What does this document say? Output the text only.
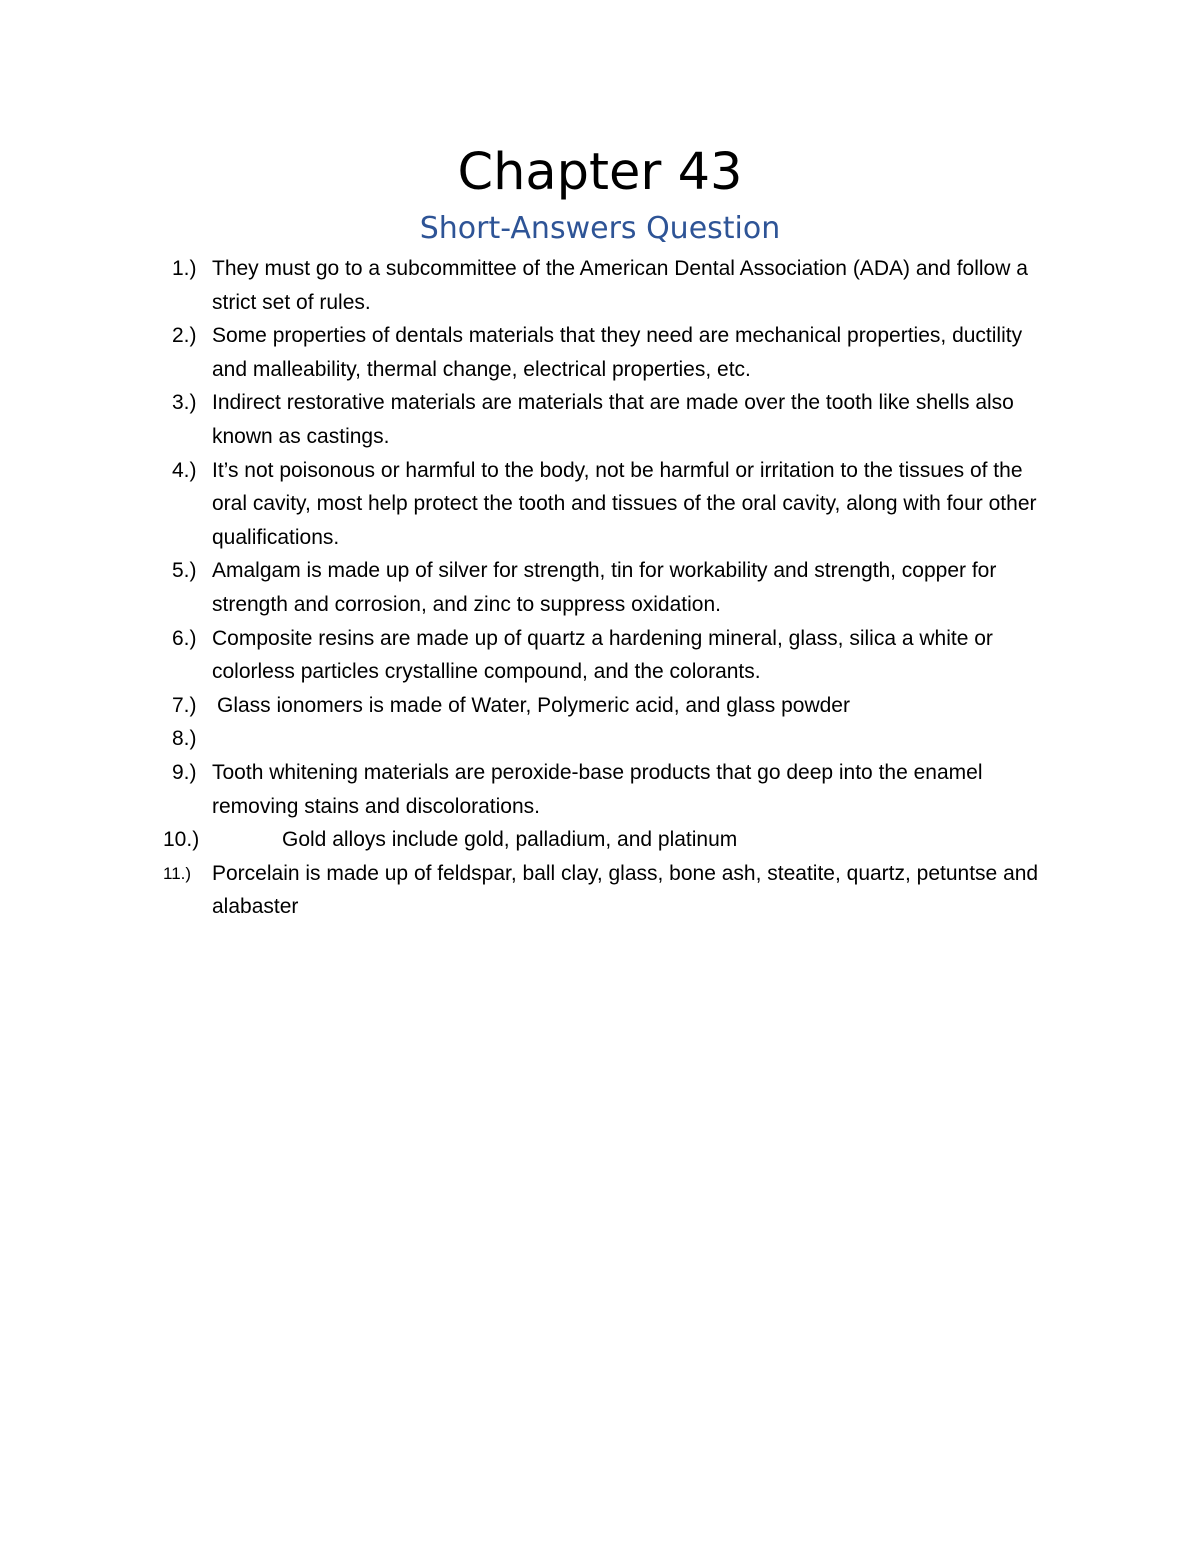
Chapter 43
Short-Answers Question
1.) They must go to a subcommittee of the American Dental Association (ADA) and follow a strict set of rules.
2.) Some properties of dentals materials that they need are mechanical properties, ductility and malleability, thermal change, electrical properties, etc.
3.) Indirect restorative materials are materials that are made over the tooth like shells also known as castings.
4.) It’s not poisonous or harmful to the body, not be harmful or irritation to the tissues of the oral cavity, most help protect the tooth and tissues of the oral cavity, along with four other qualifications.
5.) Amalgam is made up of silver for strength, tin for workability and strength, copper for strength and corrosion, and zinc to suppress oxidation.
6.) Composite resins are made up of quartz a hardening mineral, glass, silica a white or colorless particles crystalline compound, and the colorants.
7.) Glass ionomers is made of Water, Polymeric acid, and glass powder
8.)

9.) Tooth whitening materials are peroxide-base products that go deep into the enamel removing stains and discolorations.
10.)	Gold alloys include gold, palladium, and platinum
11.) Porcelain is made up of feldspar, ball clay, glass, bone ash, steatite, quartz, petuntse and alabaster
